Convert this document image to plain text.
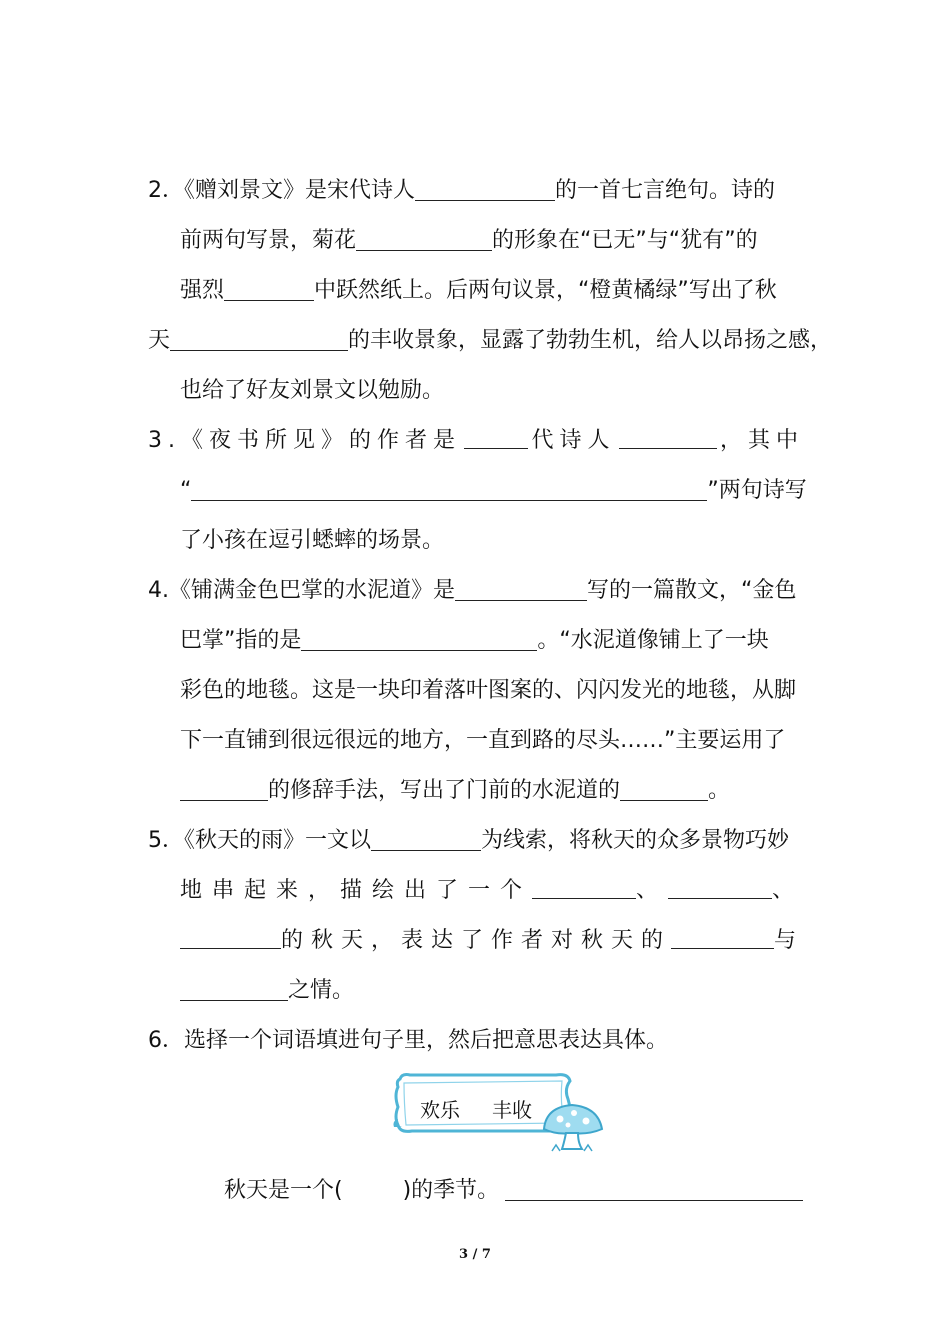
2．《赠刘景文》是宋代诗人	的一首七言绝句。诗的
前两句写景，菊花	的形象在“已无”与“犹有”的
强烈	中跃然纸上。后两句议景，“橙黄橘绿”写出了秋
天	的丰收景象，显露了勃勃生机，给人以昂扬之感，
也给了好友刘景文以勉励。
3.《夜书所见》的作者是	代诗人	，其中
“	”两句诗写
了小孩在逗引蟋蟀的场景。
4.《铺满金色巴掌的水泥道》是	写的一篇散文，“金色
巴掌”指的是	。“水泥道像铺上了一块
彩色的地毯。这是一块印着落叶图案的、闪闪发光的地毯，从脚
下一直铺到很远很远的地方，一直到路的尽头……”主要运用了
的修辞手法，写出了门前的水泥道的	。
5．《秋天的雨》一文以	为线索，将秋天的众多景物巧妙
地串起来，描绘出了一个	、	、
的秋天，表达了作者对秋天的	与
之情。
6．选择一个词语填进句子里，然后把意思表达具体。
欢乐 丰收
秋天是一个(	)的季节。
3 / 7
